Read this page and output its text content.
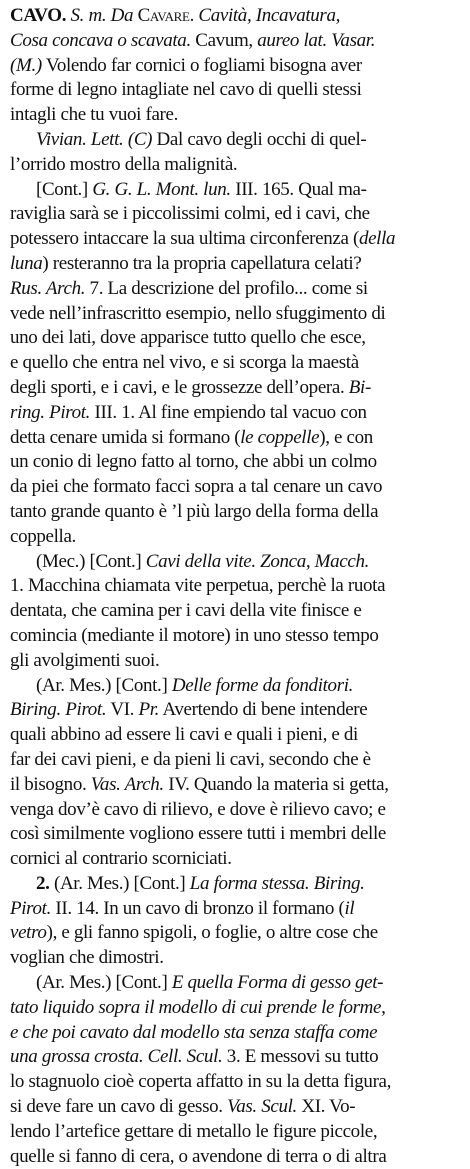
CAVO. S. m. Da Cavare. Cavità, Incavatura,
Cosa concava o scavata. Cavum, aureo lat. Vasar.
(M.) Volendo far cornici o fogliami bisogna aver
forme di legno intagliate nel cavo di quelli stessi
intagli che tu vuoi fare.
Vivian. Lett. (C) Dal cavo degli occhi di quel-
l’orrido mostro della malignità.
[Cont.] G. G. L. Mont. lun. III. 165. Qual ma-
raviglia sarà se i piccolissimi colmi, ed i cavi, che
potessero intaccare la sua ultima circonferenza (della
luna) resteranno tra la propria capellatura celati?
Rus. Arch. 7. La descrizione del profilo... come si
vede nell’infrascritto esempio, nello sfuggimento di
uno dei lati, dove apparisce tutto quello che esce,
e quello che entra nel vivo, e si scorga la maestà
degli sporti, e i cavi, e le grossezze dell’opera. Bi-
ring. Pirot. III. 1. Al fine empiendo tal vacuo con
detta cenare umida si formano (le coppelle), e con
un conio di legno fatto al torno, che abbi un colmo
da piei che formato facci sopra a tal cenare un cavo
tanto grande quanto è ’l più largo della forma della
coppella.
(Mec.) [Cont.] Cavi della vite. Zonca, Macch.
1. Macchina chiamata vite perpetua, perchè la ruota
dentata, che camina per i cavi della vite finisce e
comincia (mediante il motore) in uno stesso tempo
gli avolgimenti suoi.
(Ar. Mes.) [Cont.] Delle forme da fonditori.
Biring. Pirot. VI. Pr. Avertendo di bene intendere
quali abbino ad essere li cavi e quali i pieni, e di
far dei cavi pieni, e da pieni li cavi, secondo che è
il bisogno. Vas. Arch. IV. Quando la materia si getta,
venga dov’è cavo di rilievo, e dove è rilievo cavo; e
così similmente vogliono essere tutti i membri delle
cornici al contrario scorniciati.
2. (Ar. Mes.) [Cont.] La forma stessa. Biring.
Pirot. II. 14. In un cavo di bronzo il formano (il
vetro), e gli fanno spigoli, o foglie, o altre cose che
voglian che dimostri.
(Ar. Mes.) [Cont.] E quella Forma di gesso get-
tato liquido sopra il modello di cui prende le forme,
e che poi cavato dal modello sta senza staffa come
una grossa crosta. Cell. Scul. 3. E messovi su tutto
lo stagnuolo cioè coperta affatto in su la detta figura,
si deve fare un cavo di gesso. Vas. Scul. XI. Vo-
lendo l’artefice gettare di metallo le figure piccole,
quelle si fanno di cera, o avendone di terra o di altra
